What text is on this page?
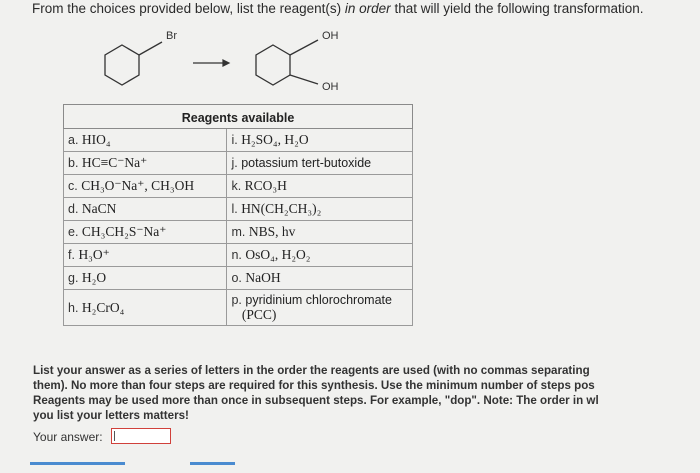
From the choices provided below, list the reagent(s) in order that will yield the following transformation.
Br	OH
OH
Reagents available	
a. HIO₄	i. H₂SO₄, H₂O
b. HC≡C⁻Na⁺	j. potassium tert-butoxide
c. CH₃O⁻Na⁺, CH₃OH	k. RCO₃H
d. NaCN	l. HN(CH₂CH₃)₂
e. CH₃CH₂S⁻Na⁺	m. NBS, hv
f. H₃O⁺	n. OsO₄, H₂O₂
g. H₂O	o. NaOH
h. H₂CrO₄	p. pyridinium chlorochromate
(PCC)
List your answer as a series of letters in the order the reagents are used (with no commas separating
them). No more than four steps are required for this synthesis. Use the minimum number of steps pos
Reagents may be used more than once in subsequent steps. For example, "dop". Note: The order in wl
you list your letters matters!
Your answer:
